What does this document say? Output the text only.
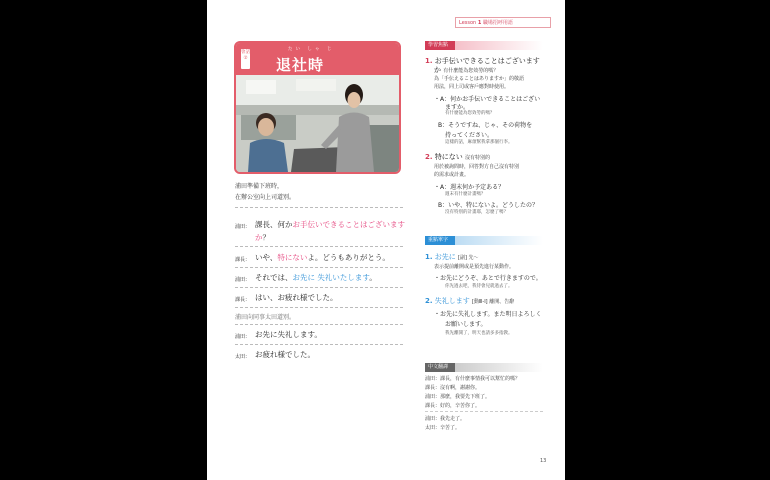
Lesson 1 職場招呼用語
會話②
たい しゃ じ
退社時
浦田準備下班時，
在辦公室向上司道別。
浦田： 課長、何かお手伝いできることはございます
か？
課長： いや、特にないよ。どうもありがとう。
浦田： それでは、お先に 失礼いたします。
課長： はい、お疲れ様でした。
浦田向同事太田道別。
浦田： お先に失礼します。
太田： お疲れ様でした。
學習焦點
1. お手伝いできることはございます
か 有什麼能為您效勞的嗎？
為「手伝えることはありますか」的敬語
用法，同上司或客戶應對時使用。
・A：何かお手伝いできることはござい
ますか。
有什麼能為您效勞的嗎？
B：そうですね、じゃ、その荷物を
持ってください。
這樣的話，麻煩幫我拿那個行李。
2. 特にない 沒有特別的
用於被詢問時，回答對方自己沒有特別
的需求或計畫。
・A：週末何か予定ある？
週末有什麼計畫嗎？
B：いや、特にないよ。どうしたの？
沒有特別的計畫耶，怎麼了嗎？
重點單字
1. お先に [副] 先～
表示提前離開或是預先進行某動作。
・お先にどうぞ、あとで行きますので。
你先過去吧，我待會兒就過去了。
2. 失礼します [動Ⅲ-Ⅰ] 離開、告辭
・お先に失礼します。また明日よろしく
お願いします。
我先離開了，明天也請多多指教。
中文翻譯
浦田：課長，有什麼事情我可以幫忙的嗎？
課長：沒有啊，謝謝你。
浦田：那麼，我要先下班了。
課長：好的，辛苦你了。
浦田：我先走了。
太田：辛苦了。
13
